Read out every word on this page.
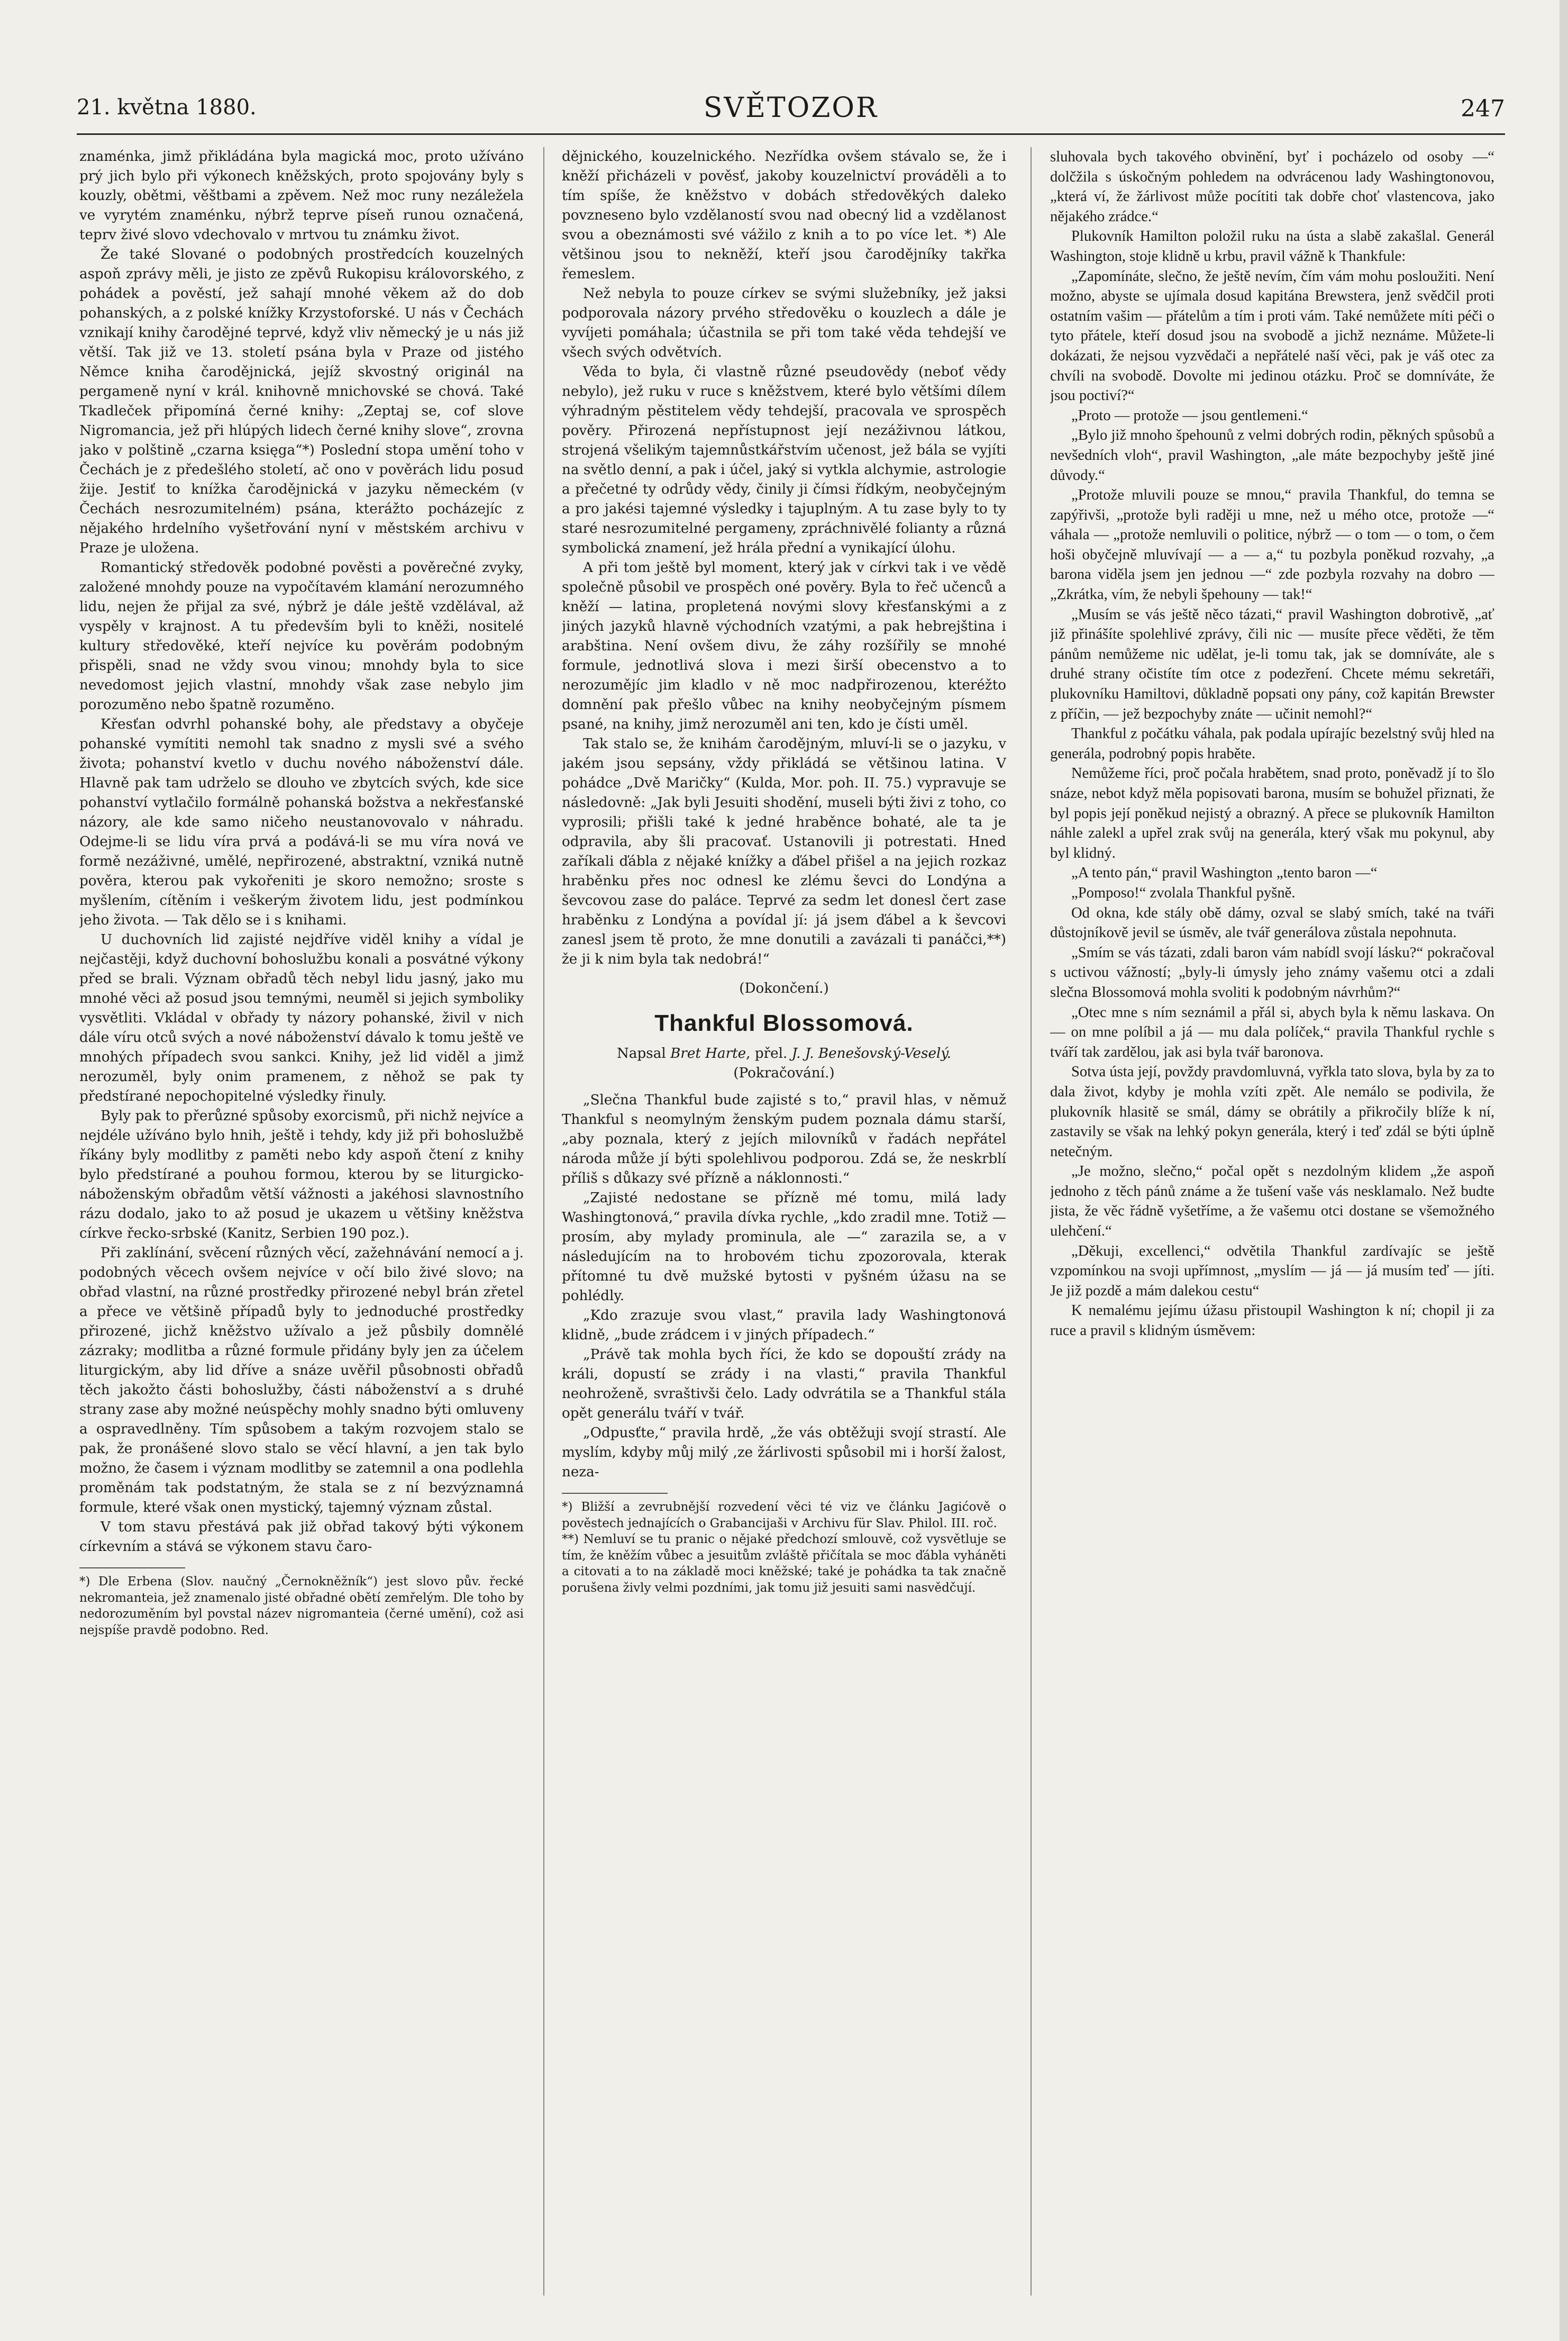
21. května 1880.	SVĚTOZOR	247

znaménka, jimž přikládána byla magická moc, proto užíváno prý jich bylo při výkonech kněžských, proto spojovány byly s kouzly, obětmi, věštbami a zpěvem. Než moc runy nezáležela ve vyrytém znaménku, nýbrž teprve píseň runou označená, teprv živé slovo vdechovalo v mrtvou tu známku život.

Že také Slované o podobných prostředcích kouzelných aspoň zprávy měli, je jisto ze zpěvů Rukopisu královorského, z pohádek a pověstí, jež sahají mnohé věkem až do dob pohanských, a z polské knížky Krzystoforské. U nás v Čechách vznikají knihy čarodějné teprvé, když vliv německý je u nás již větší. Tak již ve 13. století psána byla v Praze od jistého Němce kniha čarodějnická, jejíž skvostný originál na pergameně nyní v král. knihovně mnichovské se chová. Také Tkadleček připomíná černé knihy: „Zeptaj se, cof slove Nigromancia, jež při hlúpých lidech černé knihy slove“, zrovna jako v polštině „czarna księga“*) Poslední stopa umění toho v Čechách je z předešlého století, ač ono v pověrách lidu posud žije. Jestiť to knížka čarodějnická v jazyku německém (v Čechách nesrozumitelném) psána, kterážto pocházejíc z nějakého hrdelního vyšetřování nyní v městském archivu v Praze je uložena.

Romantický středověk podobné pověsti a pověrečné zvyky, založené mnohdy pouze na vypočítavém klamání nerozumného lidu, nejen že přijal za své, nýbrž je dále ještě vzdělával, až vyspěly v krajnost. A tu především byli to kněži, nositelé kultury středověké, kteří nejvíce ku pověrám podobným přispěli, snad ne vždy svou vinou; mnohdy byla to sice nevedomost jejich vlastní, mnohdy však zase nebylo jim porozuměno nebo špatně rozuměno.

Křesťan odvrhl pohanské bohy, ale představy a obyčeje pohanské vymítiti nemohl tak snadno z mysli své a svého života; pohanství kvetlo v duchu nového náboženství dále. Hlavně pak tam udrželo se dlouho ve zbytcích svých, kde sice pohanství vytlačilo formálně pohanská božstva a nekřesťanské názory, ale kde samo ničeho neustanovovalo v náhradu. Odejme-li se lidu víra prvá a podává-li se mu víra nová ve formě nezáživné, umělé, nepřirozené, abstraktní, vzniká nutně pověra, kterou pak vykořeniti je skoro nemožno; sroste s myšlením, cítěním i veškerým životem lidu, jest podmínkou jeho života. — Tak dělo se i s knihami.

U duchovních lid zajisté nejdříve viděl knihy a vídal je nejčastěji, když duchovní bohoslužbu konali a posvátné výkony před se brali. Význam obřadů těch nebyl lidu jasný, jako mu mnohé věci až posud jsou temnými, neuměl si jejich symboliky vysvětliti. Vkládal v obřady ty názory pohanské, živil v nich dále víru otců svých a nové náboženství dávalo k tomu ještě ve mnohých případech svou sankci. Knihy, jež lid viděl a jimž nerozuměl, byly onim pramenem, z něhož se pak ty předstírané nepochopitelné výsledky řinuly.

Byly pak to přerůzné spůsoby exorcismů, při nichž nejvíce a nejdéle užíváno bylo hnih, ještě i tehdy, kdy již při bohoslužbě říkány byly modlitby z paměti nebo kdy aspoň čtení z knihy bylo předstírané a pouhou formou, kterou by se liturgicko-náboženským obřadům větší vážnosti a jakéhosi slavnostního rázu dodalo, jako to až posud je ukazem u většiny kněžstva církve řecko-srbské (Kanitz, Serbien 190 poz.).

Při zaklínání, svěcení různých věcí, zažehnávání nemocí a j. podobných věcech ovšem nejvíce v očí bilo živé slovo; na obřad vlastní, na různé prostředky přirozené nebyl brán zřetel a přece ve většině případů byly to jednoduché prostředky přirozené, jichž kněžstvo užívalo a jež půsbily domnělé zázraky; modlitba a různé formule přidány byly jen za účelem liturgickým, aby lid dříve a snáze uvěřil působnosti obřadů těch jakožto části bohoslužby, části náboženství a s druhé strany zase aby možné neúspěchy mohly snadno býti omluveny a ospravedlněny. Tím spůsobem a takým rozvojem stalo se pak, že pronášené slovo stalo se věcí hlavní, a jen tak bylo možno, že časem i význam modlitby se zatemnil a ona podlehla proměnám tak podstatným, že stala se z ní bezvýznamná formule, které však onen mystický, tajemný význam zůstal.

V tom stavu přestává pak již obřad takový býti výkonem církevním a stává se výkonem stavu čaro-

*) Dle Erbena (Slov. naučný „Černokněžník“) jest slovo pův. řecké nekromanteia, jež znamenalo jisté obřadné obětí zemřelým. Dle toho by nedorozuměním byl povstal název nigromanteia (černé umění), což asi nejspíše pravdě podobno. Red.

dějnického, kouzelnického. Nezřídka ovšem stávalo se, že i kněží přicházeli v pověsť, jakoby kouzelnictví prováděli a to tím spíše, že kněžstvo v dobách středověkých daleko povzneseno bylo vzdělaností svou nad obecný lid a vzdělanost svou a obeznámosti své vážilo z knih a to po více let. *) Ale většinou jsou to nekněží, kteří jsou čarodějníky takřka řemeslem.

Než nebyla to pouze církev se svými služebníky, jež jaksi podporovala názory prvého středověku o kouzlech a dále je vyvíjeti pomáhala; účastnila se při tom také věda tehdejší ve všech svých odvětvích.

Věda to byla, či vlastně různé pseudovědy (neboť vědy nebylo), jež ruku v ruce s kněžstvem, které bylo většími dílem výhradným pěstitelem vědy tehdejší, pracovala ve sprospěch pověry. Přirozená nepřístupnost její nezáživnou látkou, strojená všelikým tajemnůstkářstvím učenost, jež bála se vyjíti na světlo denní, a pak i účel, jaký si vytkla alchymie, astrologie a přečetné ty odrůdy vědy, činily ji čímsi řídkým, neobyčejným a pro jakési tajemné výsledky i tajuplným. A tu zase byly to ty staré nesrozumitelné pergameny, zpráchnivělé folianty a různá symbolická znamení, jež hrála přední a vynikající úlohu.

A při tom ještě byl moment, který jak v církvi tak i ve vědě společně působil ve prospěch oné pověry. Byla to řeč učenců a kněží — latina, propletená novými slovy křesťanskými a z jiných jazyků hlavně východních vzatými, a pak hebrejština i arabština. Není ovšem divu, že záhy rozšířily se mnohé formule, jednotlivá slova i mezi širší obecenstvo a to nerozumějíc jim kladlo v ně moc nadpřirozenou, kteréžto domnění pak přešlo vůbec na knihy neobyčejným písmem psané, na knihy, jimž nerozuměl ani ten, kdo je čísti uměl.

Tak stalo se, že knihám čarodějným, mluví-li se o jazyku, v jakém jsou sepsány, vždy přikládá se většinou latina. V pohádce „Dvě Maričky“ (Kulda, Mor. poh. II. 75.) vypravuje se následovně: „Jak byli Jesuiti shodění, museli býti živi z toho, co vyprosili; přišli také k jedné hraběnce bohaté, ale ta je odpravila, aby šli pracovať. Ustanovili ji potrestati. Hned zaříkali ďábla z nějaké knížky a ďábel přišel a na jejich rozkaz hraběnku přes noc odnesl ke zlému ševci do Londýna a ševcovou zase do paláce. Teprvé za sedm let donesl čert zase hraběnku z Londýna a povídal jí: já jsem ďábel a k ševcovi zanesl jsem tě proto, že mne donutili a zavázali ti panáčci,**) že ji k nim byla tak nedobrá!“

(Dokončení.)

Thankful Blossomová.

Napsal Bret Harte, přel. J. J. Benešovský-Veselý.

(Pokračování.)

„Slečna Thankful bude zajisté s to,“ pravil hlas, v němuž Thankful s neomylným ženským pudem poznala dámu starší, „aby poznala, který z jejích milovníků v řadách nepřátel národa může jí býti spolehlivou podporou. Zdá se, že neskrblí příliš s důkazy své přízně a náklonnosti.“

„Zajisté nedostane se přízně mé tomu, milá lady Washingtonová,“ pravila dívka rychle, „kdo zradil mne. Totiž — prosím, aby mylady prominula, ale —“ zarazila se, a v následujícím na to hrobovém tichu zpozorovala, kterak přítomné tu dvě mužské bytosti v pyšném úžasu na se pohlédly.

„Kdo zrazuje svou vlast,“ pravila lady Washingtonová klidně, „bude zrádcem i v jiných případech.“

„Právě tak mohla bych říci, že kdo se dopouští zrády na králi, dopustí se zrády i na vlasti,“ pravila Thankful neohroženě, svraštivši čelo. Lady odvrátila se a Thankful stála opět generálu tváří v tvář.

„Odpusťte,“ pravila hrdě, „že vás obtěžuji svojí strastí. Ale myslím, kdyby můj milý ,ze žárlivosti spůsobil mi i horší žalost, neza-

*) Bližší a zevrubnější rozvedení věci té viz ve článku Jagićově o pověstech jednajících o Grabancijaši v Archivu für Slav. Philol. III. roč.

**) Nemluví se tu pranic o nějaké předchozí smlouvě, což vysvětluje se tím, že kněžím vůbec a jesuitům zvláště přičítala se moc ďábla vyháněti a citovati a to na základě moci kněžské; také je pohádka ta tak značně porušena živly velmi pozdními, jak tomu již jesuiti sami nasvědčují.

sluhovala bych takového obvinění, byť i pocházelo od osoby —“ dolčžila s úskočným pohledem na odvrácenou lady Washingtonovou, „která ví, že žárlivost může pocítiti tak dobře choť vlastencova, jako nějakého zrádce.“

Plukovník Hamilton položil ruku na ústa a slabě zakašlal. Generál Washington, stoje klidně u krbu, pravil vážně k Thankfule:

„Zapomínáte, slečno, že ještě nevím, čím vám mohu posloužiti. Není možno, abyste se ujímala dosud kapitána Brewstera, jenž svědčil proti ostatním vašim — přátelům a tím i proti vám. Také nemůžete míti péči o tyto přátele, kteří dosud jsou na svobodě a jichž neznáme. Můžete-li dokázati, že nejsou vyzvědači a nepřátelé naší věci, pak je váš otec za chvíli na svobodě. Dovolte mi jedinou otázku. Proč se domníváte, že jsou poctiví?“

„Proto — protože — jsou gentlemeni.“

„Bylo již mnoho špehounů z velmi dobrých rodin, pěkných spůsobů a nevšedních vloh“, pravil Washington, „ale máte bezpochyby ještě jiné důvody.“

„Protože mluvili pouze se mnou,“ pravila Thankful, do temna se zapýřivši, „protože byli raději u mne, než u mého otce, protože —“ váhala — „protože nemluvili o politice, nýbrž — o tom — o tom, o čem hoši obyčejně mluvívají — a — a,“ tu pozbyla poněkud rozvahy, „a barona viděla jsem jen jednou —“ zde pozbyla rozvahy na dobro — „Zkrátka, vím, že nebyli špehouny — tak!“

„Musím se vás ještě něco tázati,“ pravil Washington dobrotivě, „ať již přinášíte spolehlivé zprávy, čili nic — musíte přece věděti, že těm pánům nemůžeme nic udělat, je-li tomu tak, jak se domníváte, ale s druhé strany očistíte tím otce z podezření. Chcete mému sekretáři, plukovníku Hamiltovi, důkladně popsati ony pány, což kapitán Brewster z příčin, — jež bezpochyby znáte — učinit nemohl?“

Thankful z počátku váhala, pak podala upírajíc bezelstný svůj hled na generála, podrobný popis hraběte.

Nemůžeme říci, proč počala hrabětem, snad proto, poněvadž jí to šlo snáze, nebot když měla popisovati barona, musím se bohužel přiznati, že byl popis její poněkud nejistý a obrazný. A přece se plukovník Hamilton náhle zalekl a upřel zrak svůj na generála, který však mu pokynul, aby byl klidný.

„A tento pán,“ pravil Washington „tento baron —“

„Pomposo!“ zvolala Thankful pyšně.

Od okna, kde stály obě dámy, ozval se slabý smích, také na tváři důstojníkově jevil se úsměv, ale tvář generálova zůstala nepohnuta.

„Smím se vás tázati, zdali baron vám nabídl svojí lásku?“ pokračoval s uctivou vážností; „byly-li úmysly jeho známy vašemu otci a zdali slečna Blossomová mohla svoliti k podobným návrhům?“

„Otec mne s ním seznámil a přál si, abych byla k němu laskava. On — on mne políbil a já — mu dala políček,“ pravila Thankful rychle s tváří tak zardělou, jak asi byla tvář baronova.

Sotva ústa její, povždy pravdomluvná, vyřkla tato slova, byla by za to dala život, kdyby je mohla vzíti zpět. Ale nemálo se podivila, že plukovník hlasitě se smál, dámy se obrátily a přikročily blíže k ní, zastavily se však na lehký pokyn generála, který i teď zdál se býti úplně netečným.

„Je možno, slečno,“ počal opět s nezdolným klidem „že aspoň jednoho z těch pánů známe a že tušení vaše vás nesklamalo. Než budte jista, že věc řádně vyšetříme, a že vašemu otci dostane se všemožného ulehčení.“

„Děkuji, excellenci,“ odvětila Thankful zardívajíc se ještě vzpomínkou na svoji upřímnost, „myslím — já — já musím teď — jíti. Je již pozdě a mám dalekou cestu“

K nemalému jejímu úžasu přistoupil Washington k ní; chopil ji za ruce a pravil s klidným úsměvem:
